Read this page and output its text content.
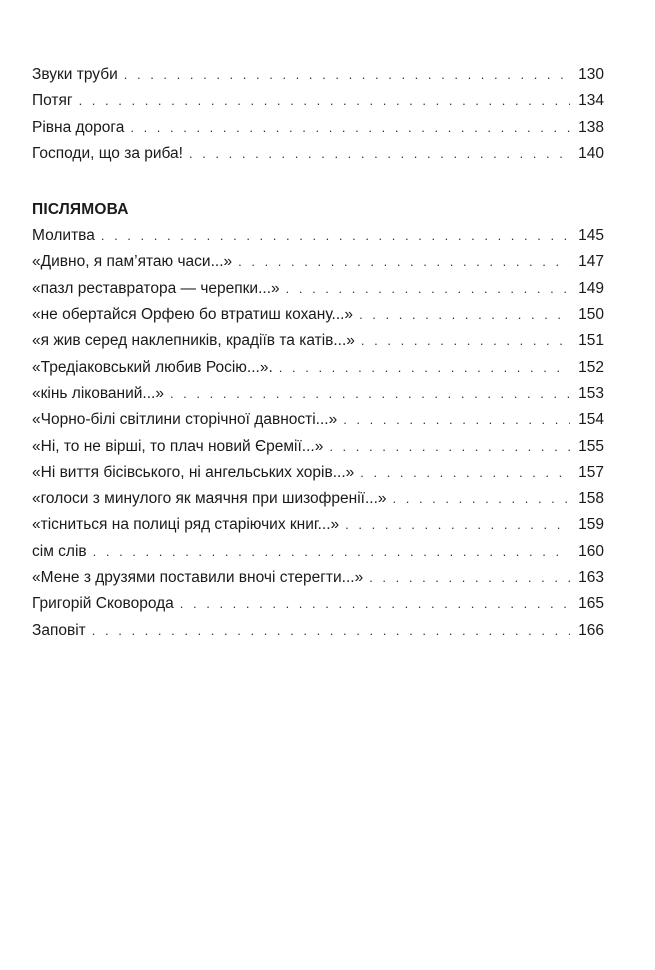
Звуки труби . . .	130
Потяг . . .	134
Рівна дорога . . .	138
Господи, що за риба! . . .	140
ПІСЛЯМОВА
Молитва . . .	145
«Дивно, я пам’ятаю часи...» . . .	147
«пазл реставратора — черепки...» . . .	149
«не обертайся Орфею бо втратиш кохану...» . . .	150
«я жив серед наклепників, крадіїв та катів...» . . .	151
«Тредіаковський любив Росію...». . . .	152
«кінь лікований...» . . .	153
«Чорно-білі світлини сторічної давності...» . . .	154
«Ні, то не вірші, то плач новий Єремії...» . . .	155
«Ні виття бісівського, ні ангельських хорів...» . . .	157
«голоси з минулого як маячня при шизофренії...» . . .	158
«тісниться на полиці ряд старіючих книг...» . . .	159
сім слів . . .	160
«Мене з друзями поставили вночі стерегти...» . . .	163
Григорій Сковорода . . .	165
Заповіт . . .	166
